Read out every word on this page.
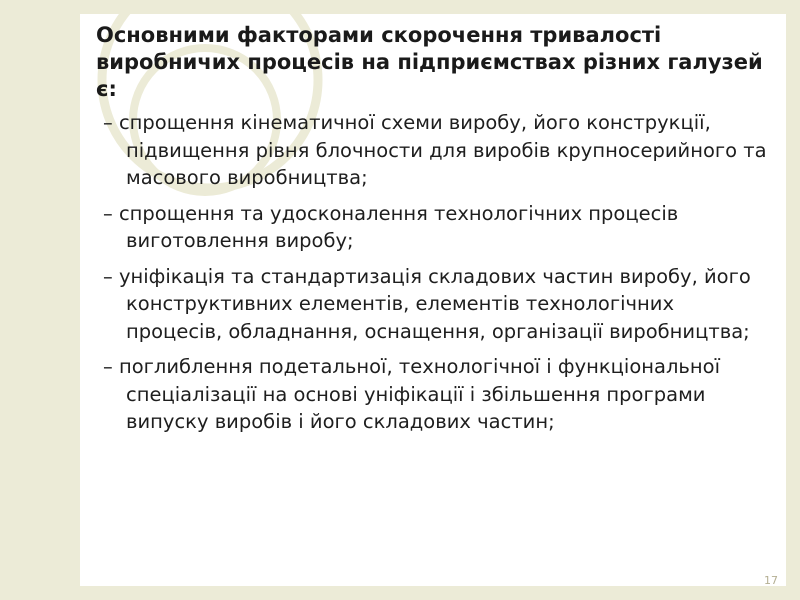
Основними факторами скорочення тривалості виробничих процесів на підприємствах різних галузей є:

– спрощення кінематичної схеми виробу, його конструкції, підвищення рівня блочности для виробів крупносерийного та масового виробництва;
– спрощення та удосконалення технологічних процесів виготовлення виробу;
– уніфікація та стандартизація складових частин виробу, його конструктивних елементів, елементів технологічних процесів, обладнання, оснащення, організації виробництва;
– поглиблення подетальної, технологічної і функціональної спеціалізації на основі уніфікації і збільшення програми випуску виробів і його складових частин;
17
